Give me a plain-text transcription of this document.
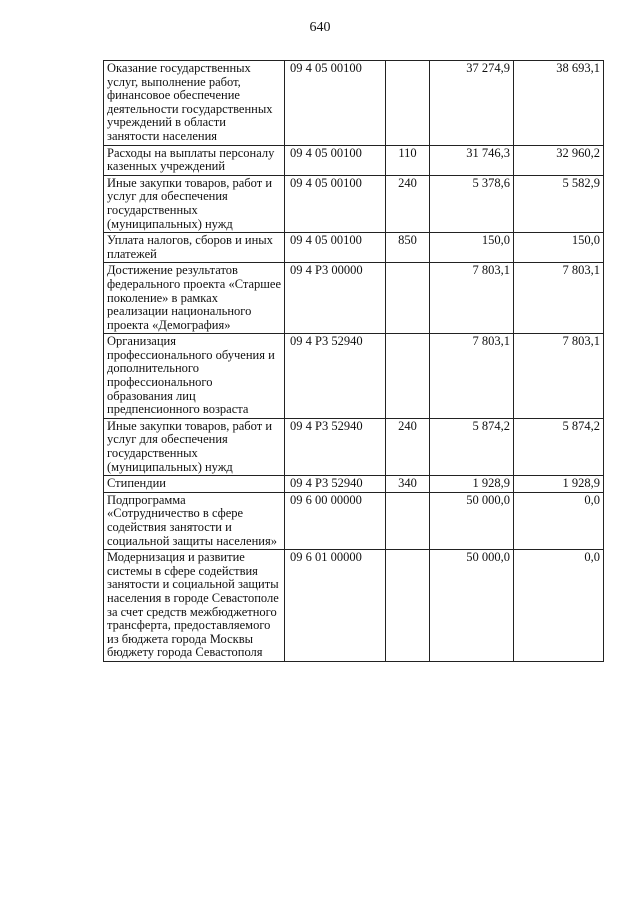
640
Оказание государственных услуг, выполнение работ, финансовое обеспечение деятельности государственных учреждений в области занятости населения	09 4 05 00100		37 274,9	38 693,1
Расходы на выплаты персоналу казенных учреждений	09 4 05 00100	110	31 746,3	32 960,2
Иные закупки товаров, работ и услуг для обеспечения государственных (муниципальных) нужд	09 4 05 00100	240	5 378,6	5 582,9
Уплата налогов, сборов и иных платежей	09 4 05 00100	850	150,0	150,0
Достижение результатов федерального проекта «Старшее поколение» в рамках реализации национального проекта «Демография»	09 4 P3 00000		7 803,1	7 803,1
Организация профессионального обучения и дополнительного профессионального образования лиц предпенсионного возраста	09 4 P3 52940		7 803,1	7 803,1
Иные закупки товаров, работ и услуг для обеспечения государственных (муниципальных) нужд	09 4 P3 52940	240	5 874,2	5 874,2
Стипендии	09 4 P3 52940	340	1 928,9	1 928,9
Подпрограмма «Сотрудничество в сфере содействия занятости и социальной защиты населения»	09 6 00 00000		50 000,0	0,0
Модернизация и развитие системы в сфере содействия занятости и социальной защиты населения в городе Севастополе за счет средств межбюджетного трансферта, предоставляемого из бюджета города Москвы бюджету города Севастополя	09 6 01 00000		50 000,0	0,0
